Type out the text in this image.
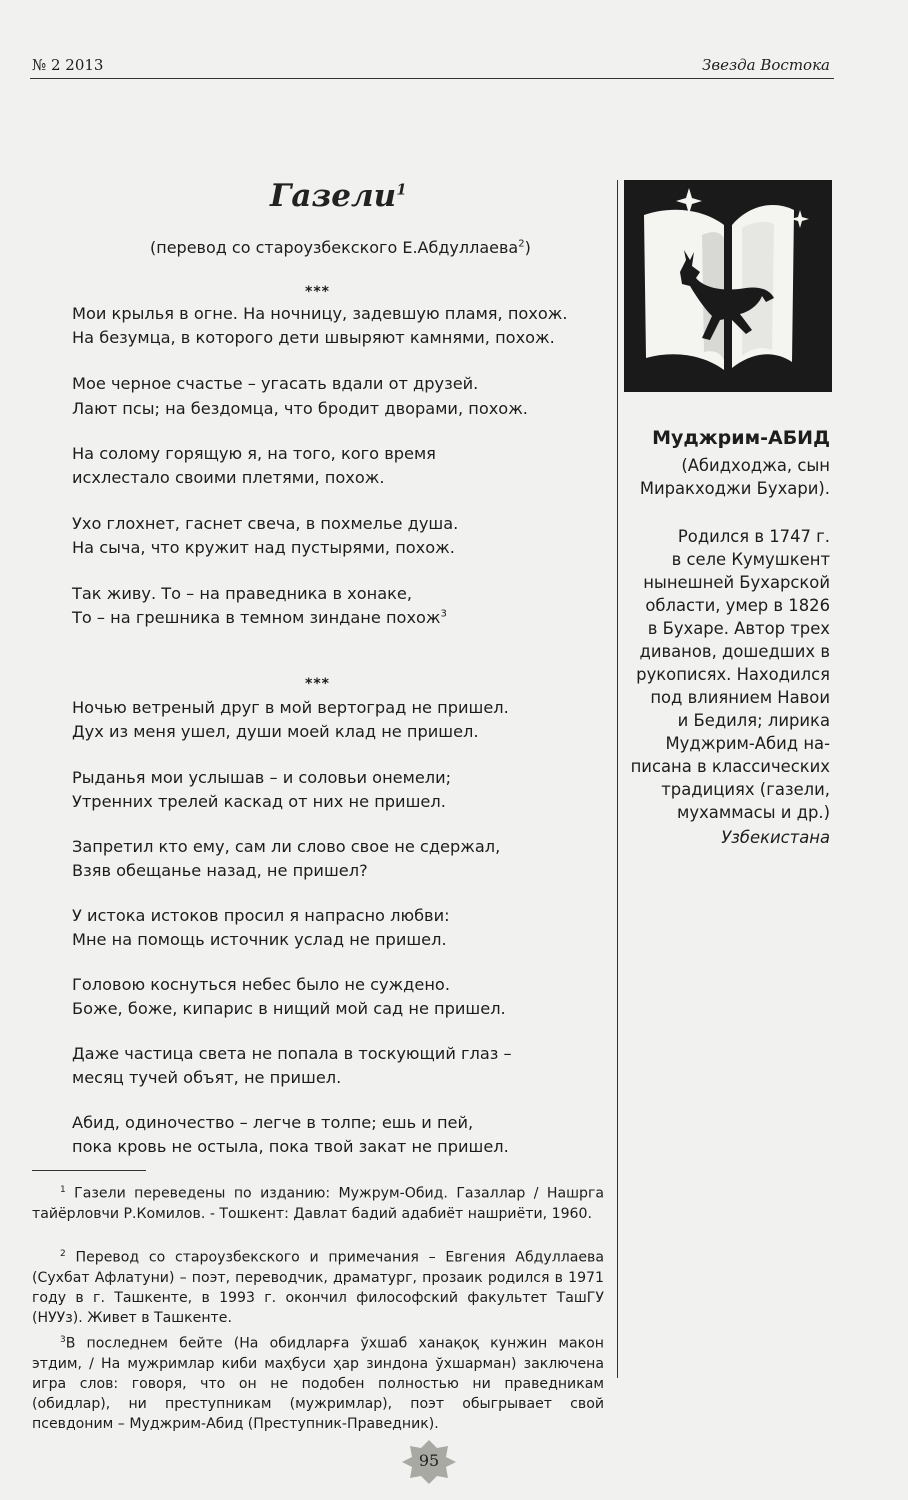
№ 2 2013	Звезда Востока
Газели$^1$
(перевод со староузбекского Е.Абдуллаева$^2$)
***
Мои крылья в огне. На ночницу, задевшую пламя, похож.
На безумца, в которого дети швыряют камнями, похож.
Мое черное счастье – угасать вдали от друзей.
Лают псы; на бездомца, что бродит дворами, похож.
На солому горящую я, на того, кого время
исхлестало своими плетями, похож.
Ухо глохнет, гаснет свеча, в похмелье душа.
На сыча, что кружит над пустырями, похож.
Так живу. То – на праведника в хонаке,
То – на грешника в темном зиндане похож$^3$
***
Ночью ветреный друг в мой вертоград не пришел.
Дух из меня ушел, души моей клад не пришел.
Рыданья мои услышав – и соловьи онемели;
Утренних трелей каскад от них не пришел.
Запретил кто ему, сам ли слово свое не сдержал,
Взяв обещанье назад, не пришел?
У истока истоков просил я напрасно любви:
Мне на помощь источник услад не пришел.
Головою коснуться небес было не суждено.
Боже, боже, кипарис в нищий мой сад не пришел.
Даже частица света не попала в тоскующий глаз –
месяц тучей объят, не пришел.
Абид, одиночество – легче в толпе; ешь и пей,
пока кровь не остыла, пока твой закат не пришел.
Муджрим-АБИД
(Абидходжа, сын
Миракходжи Бухари).
Родился в 1747 г.
в селе Кумушкент
нынешней Бухарской
области, умер в 1826
в Бухаре. Автор трех
диванов, дошедших в
рукописях. Находился
под влиянием Навои
и Бедиля; лирика
Муджрим-Абид на-
писана в классических
традициях (газели,
мухаммасы и др.)
Узбекистана
$^1$ Газели переведены по изданию: Мужрум-Обид. Газаллар / Нашрга тайёрловчи Р.Комилов. - Тошкент: Давлат бадий адабиёт нашриёти, 1960.
$^2$ Перевод со староузбекского и примечания – Евгения Абдуллаева (Сухбат Афлатуни) – поэт, переводчик, драматург, прозаик родился в 1971 году в г. Ташкенте, в 1993 г. окончил философский факультет ТашГУ (НУУз). Живет в Ташкенте.
$^3$В последнем бейте (На обидларға ўхшаб ханақоқ кунжин макон этдим, / На мужримлар киби маҳбуси ҳар зиндона ўхшарман) заключена игра слов: говоря, что он не подобен полностью ни праведникам (обидлар), ни преступникам (мужримлар), поэт обыгрывает свой псевдоним – Муджрим-Абид (Преступник-Праведник).
95
